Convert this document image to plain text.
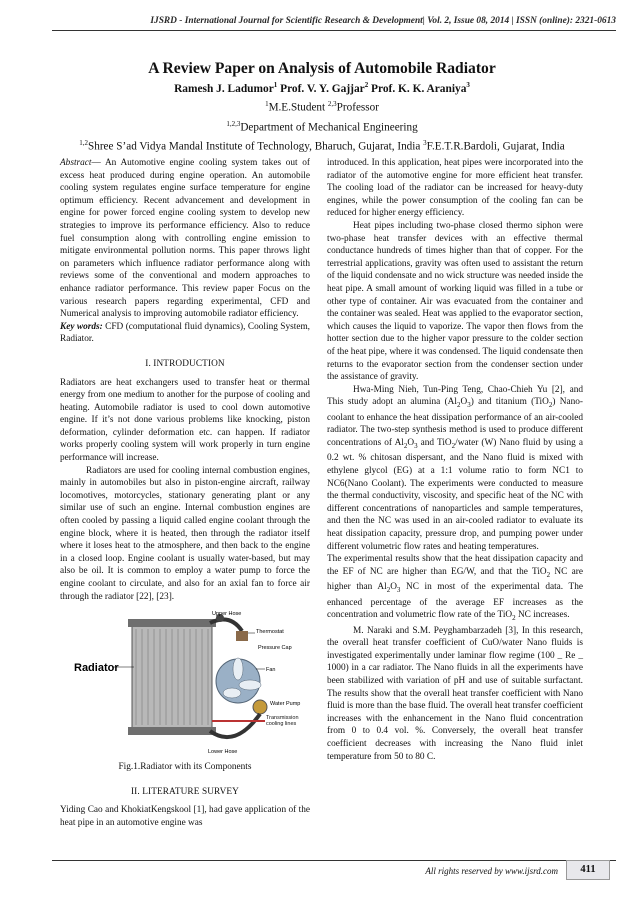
IJSRD - International Journal for Scientific Research & Development| Vol. 2, Issue 08, 2014 | ISSN (online): 2321-0613
A Review Paper on Analysis of Automobile Radiator
Ramesh J. Ladumor$^1$ Prof. V. Y. Gajjar$^2$ Prof. K. K. Araniya$^3$
$^1$M.E.Student $^{2,3}$Professor
$^{1,2,3}$Department of Mechanical Engineering
$^{1,2}$Shree S’ad Vidya Mandal Institute of Technology, Bharuch, Gujarat, India $^3$F.E.T.R.Bardoli, Gujarat, India

Abstract— An Automotive engine cooling system takes out of excess heat produced during engine operation. An automobile cooling system regulates engine surface temperature for engine optimum efficiency. Recent advancement and development in engine for power forced engine cooling system to develop new strategies to improve its performance efficiency. Also to reduce fuel consumption along with controlling engine emission to mitigate environmental pollution norms. This paper throws light on parameters which influence radiator performance along with reviews some of the conventional and modern approaches to enhance radiator performance. This review paper Focus on the various research papers regarding experimental, CFD and Numerical analysis to improving automobile radiator efficiency.

Key words: CFD (computational fluid dynamics), Cooling System, Radiator.

I. INTRODUCTION

Radiators are heat exchangers used to transfer heat or thermal energy from one medium to another for the purpose of cooling and heating. Automobile radiator is used to cool down automotive engine. If it’s not done various problems like knocking, piston deformation, cylinder deformation etc. can happen. If radiator works properly cooling system will work properly in turn engine performance will increase.

Radiators are used for cooling internal combustion engines, mainly in automobiles but also in piston-engine aircraft, railway locomotives, motorcycles, stationary generating plant or any similar use of such an engine. Internal combustion engines are often cooled by passing a liquid called engine coolant through the engine block, where it is heated, then through the radiator itself where it loses heat to the atmosphere, and then back to the engine in a closed loop. Engine coolant is usually water-based, but may also be oil. It is common to employ a water pump to force the engine coolant to circulate, and also for an axial fan to force air through the radiator [22], [23].

Radiator
Upper Hose
Thermostat
Pressure Cap
Fan
Water Pump
Transmission cooling lines
Lower Hose
Fig.1.Radiator with its Components
II. LITERATURE SURVEY

Yiding Cao and KhokiatKengskool [1], had gave application of the heat pipe in an automotive engine was

introduced. In this application, heat pipes were incorporated into the radiator of the automotive engine for more efficient heat transfer. The cooling load of the radiator can be increased for heavy-duty engines, while the power consumption of the cooling fan can be reduced for higher energy efficiency.

Heat pipes including two-phase closed thermo siphon were two-phase heat transfer devices with an effective thermal conductance hundreds of times higher than that of copper. For the terrestrial applications, gravity was often used to assistant the return of the liquid condensate and no wick structure was needed inside the heat pipe. A small amount of working liquid was filled in a tube or other type of container. Air was evacuated from the container and the container was sealed. Heat was applied to the evaporator section, which causes the liquid to vaporize. The vapor then flows from the hotter section due to the higher vapor pressure to the colder section of the heat pipe, where it was condensed. The liquid condensate then returns to the evaporator section from the condenser section under the assistance of gravity.

Hwa-Ming Nieh, Tun-Ping Teng, Chao-Chieh Yu [2], and This study adopt an alumina $(Al_2O_3)$ and titanium (TiO$_2$) Nano-coolant to enhance the heat dissipation performance of an air-cooled radiator. The two-step synthesis method is used to produce different concentrations of $Al_2O_3$ and TiO$_2$/water (W) Nano fluid by using a 0.2 wt. % chitosan dispersant, and the Nano fluid is mixed with ethylene glycol (EG) at a 1:1 volume ratio to form NC1 to NC6(Nano Coolant). The experiments were conducted to measure the thermal conductivity, viscosity, and specific heat of the NC with different concentrations of nanoparticles and sample temperatures, and then the NC was used in an air-cooled radiator to evaluate its heat dissipation capacity, pressure drop, and pumping power under different volumetric flow rates and heating temperatures.

The experimental results show that the heat dissipation capacity and the EF of NC are higher than EG/W, and that the TiO$_2$ NC are higher than $Al_2O_3$ NC in most of the experimental data. The enhanced percentage of the average EF increases as the concentration and volumetric flow rate of the TiO$_2$ NC increases.

M. Naraki and S.M. Peyghambarzadeh [3], In this research, the overall heat transfer coefficient of CuO/water Nano fluids is investigated experimentally under laminar flow regime (100 _ Re _ 1000) in a car radiator. The Nano fluids in all the experiments have been stabilized with variation of pH and use of suitable surfactant. The results show that the overall heat transfer coefficient with Nano fluid is more than the base fluid. The overall heat transfer coefficient increases with the enhancement in the Nano fluid concentration from 0 to 0.4 vol. %. Conversely, the overall heat transfer coefficient decreases with increasing the Nano fluid inlet temperature from 50 to 80 C.

All rights reserved by www.ijsrd.com	411
